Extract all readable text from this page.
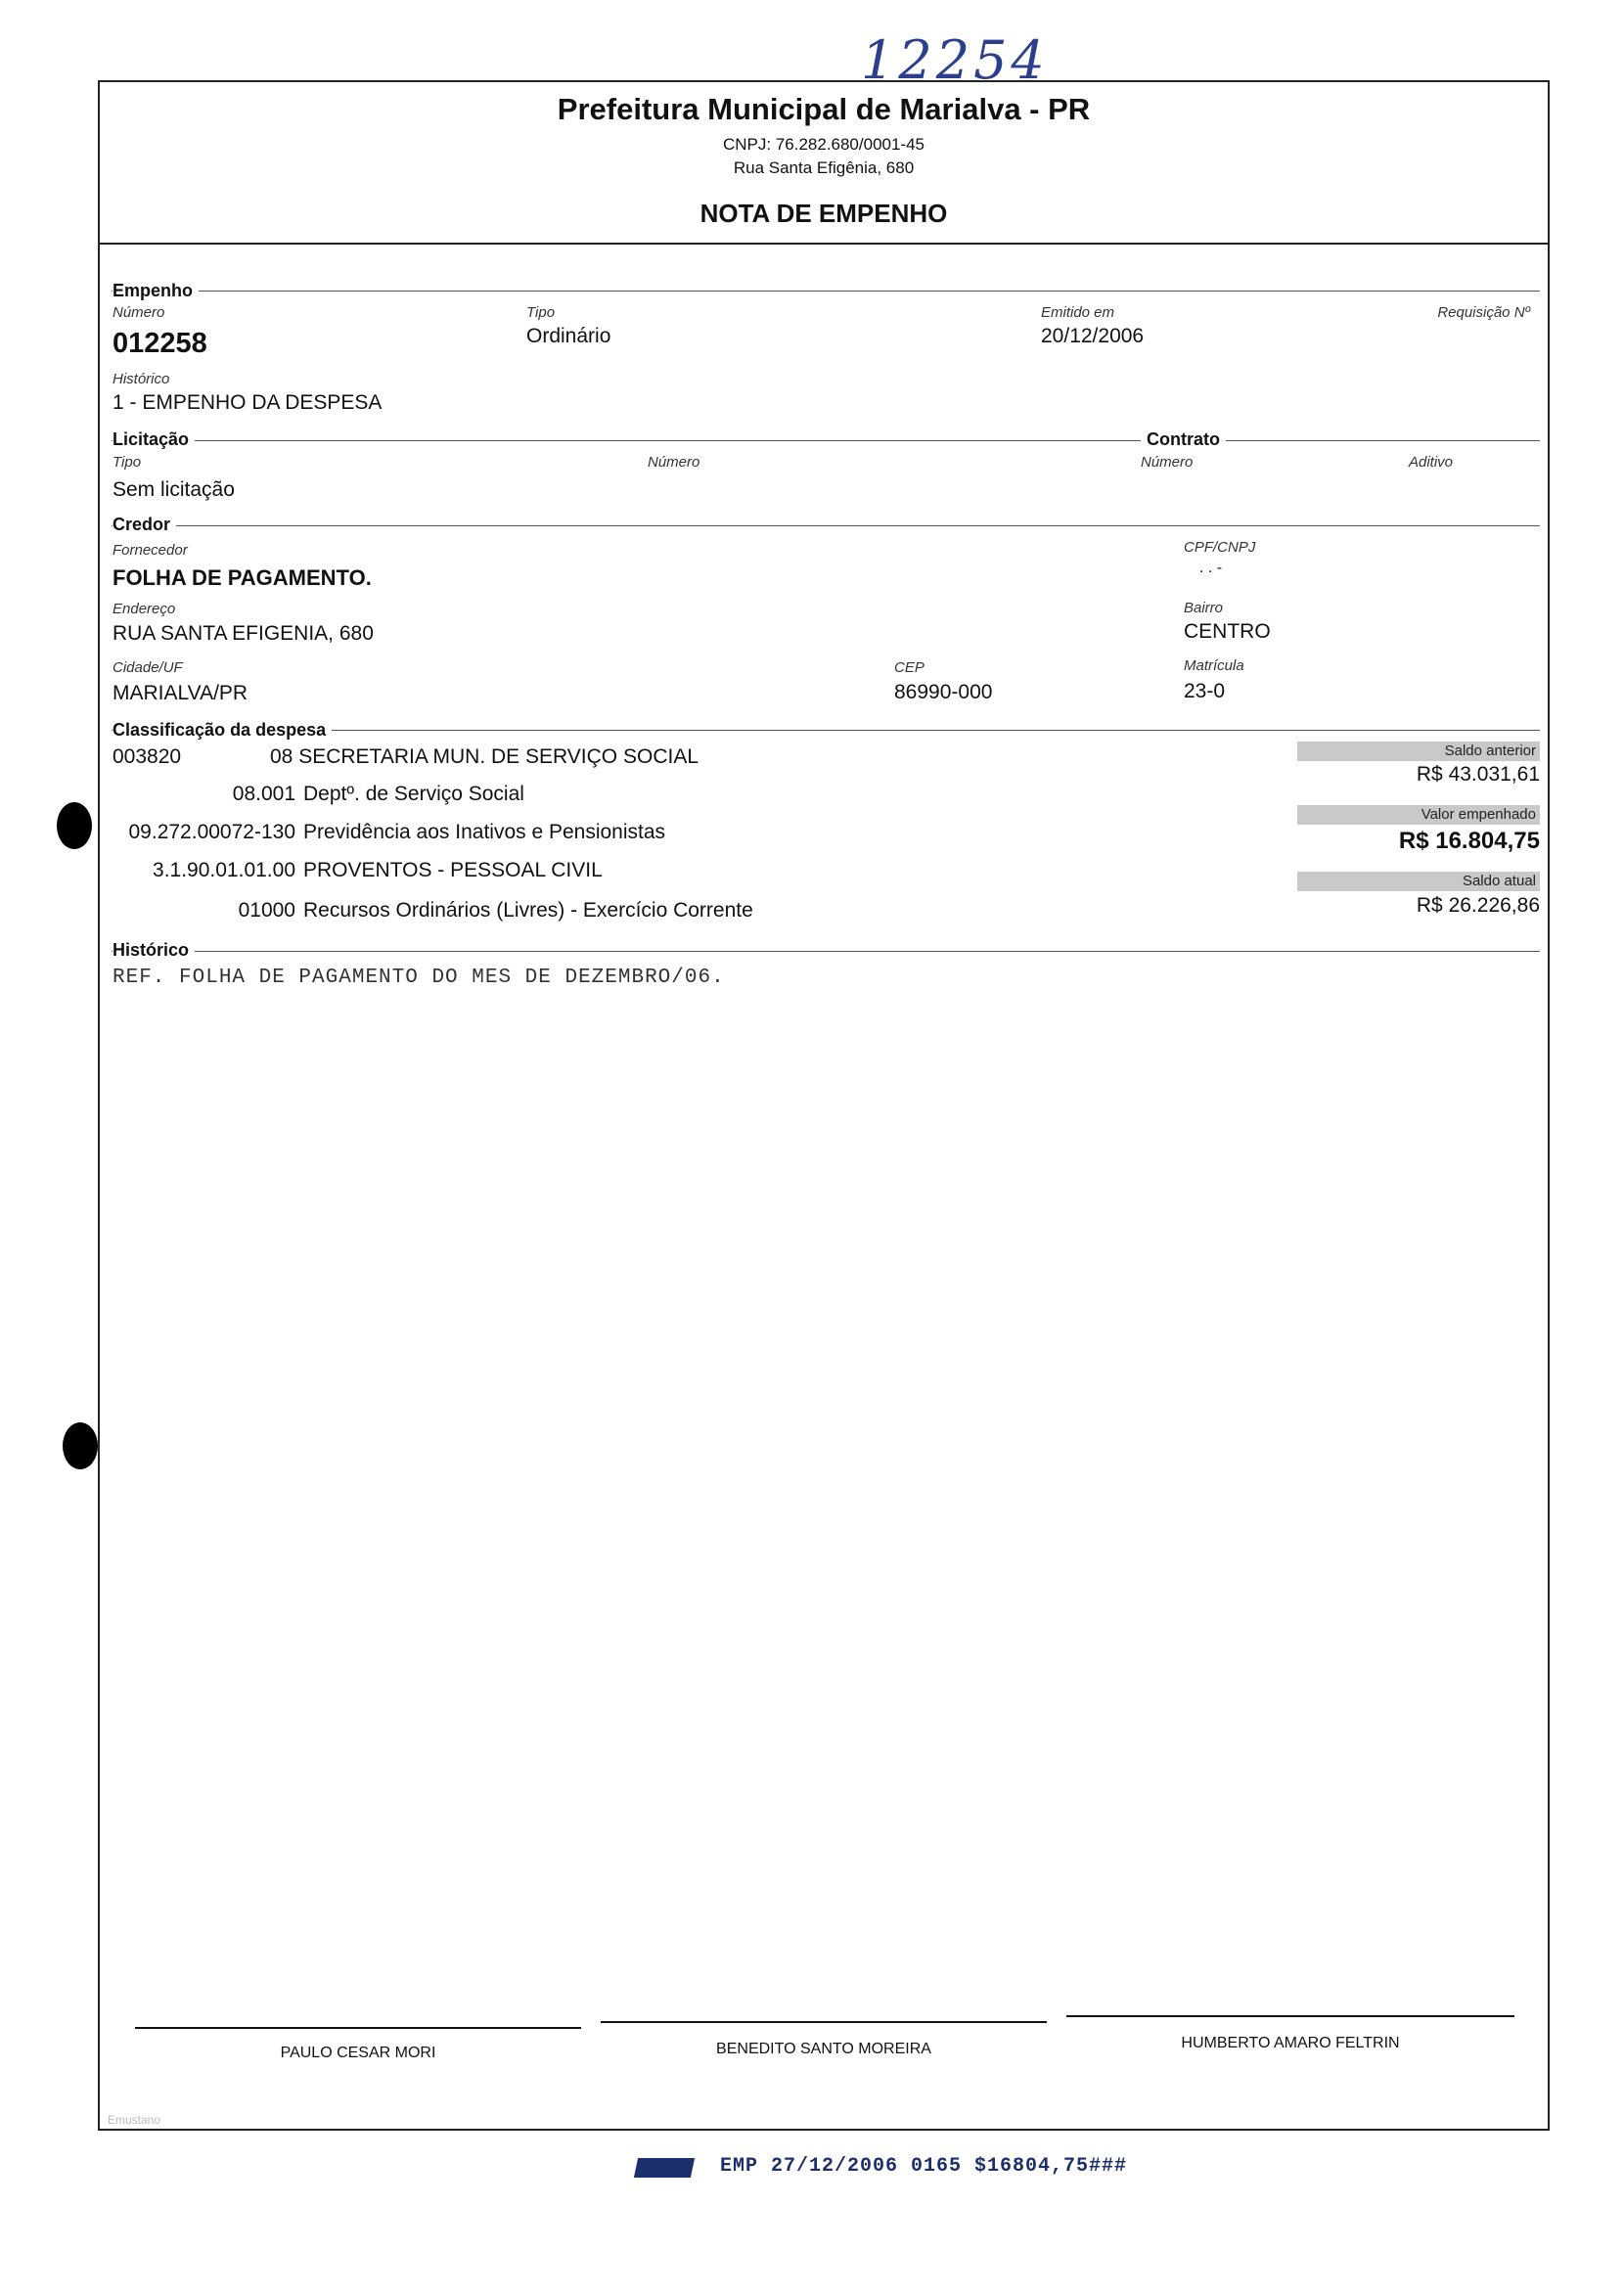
12254
Prefeitura Municipal de Marialva - PR
CNPJ: 76.282.680/0001-45
Rua Santa Efigênia, 680
NOTA DE EMPENHO
Empenho
Número
012258
Tipo
Ordinário
Emitido em
20/12/2006
Requisição Nº
Histórico
1 - EMPENHO DA DESPESA
Licitação	Contrato
Tipo
Sem licitação
Número	Número	Aditivo
Credor
Fornecedor
FOLHA DE PAGAMENTO.
CPF/CNPJ
. . -
Endereço
RUA SANTA EFIGENIA, 680
Bairro
CENTRO
Cidade/UF
MARIALVA/PR
CEP
86990-000
Matrícula
23-0
Classificação da despesa
003820	08 SECRETARIA MUN. DE SERVIÇO SOCIAL
08.001 Deptº. de Serviço Social
09.272.00072-130 Previdência aos Inativos e Pensionistas
3.1.90.01.01.00 PROVENTOS - PESSOAL CIVIL
01000 Recursos Ordinários (Livres) - Exercício Corrente
Saldo anterior
R$ 43.031,61
Valor empenhado
R$ 16.804,75
Saldo atual
R$ 26.226,86
Histórico
REF. FOLHA DE PAGAMENTO DO MES DE DEZEMBRO/06.
PAULO CESAR MORI	BENEDITO SANTO MOREIRA	HUMBERTO AMARO FELTRIN
Emustano
EMP 27/12/2006 0165 $16804,75###
